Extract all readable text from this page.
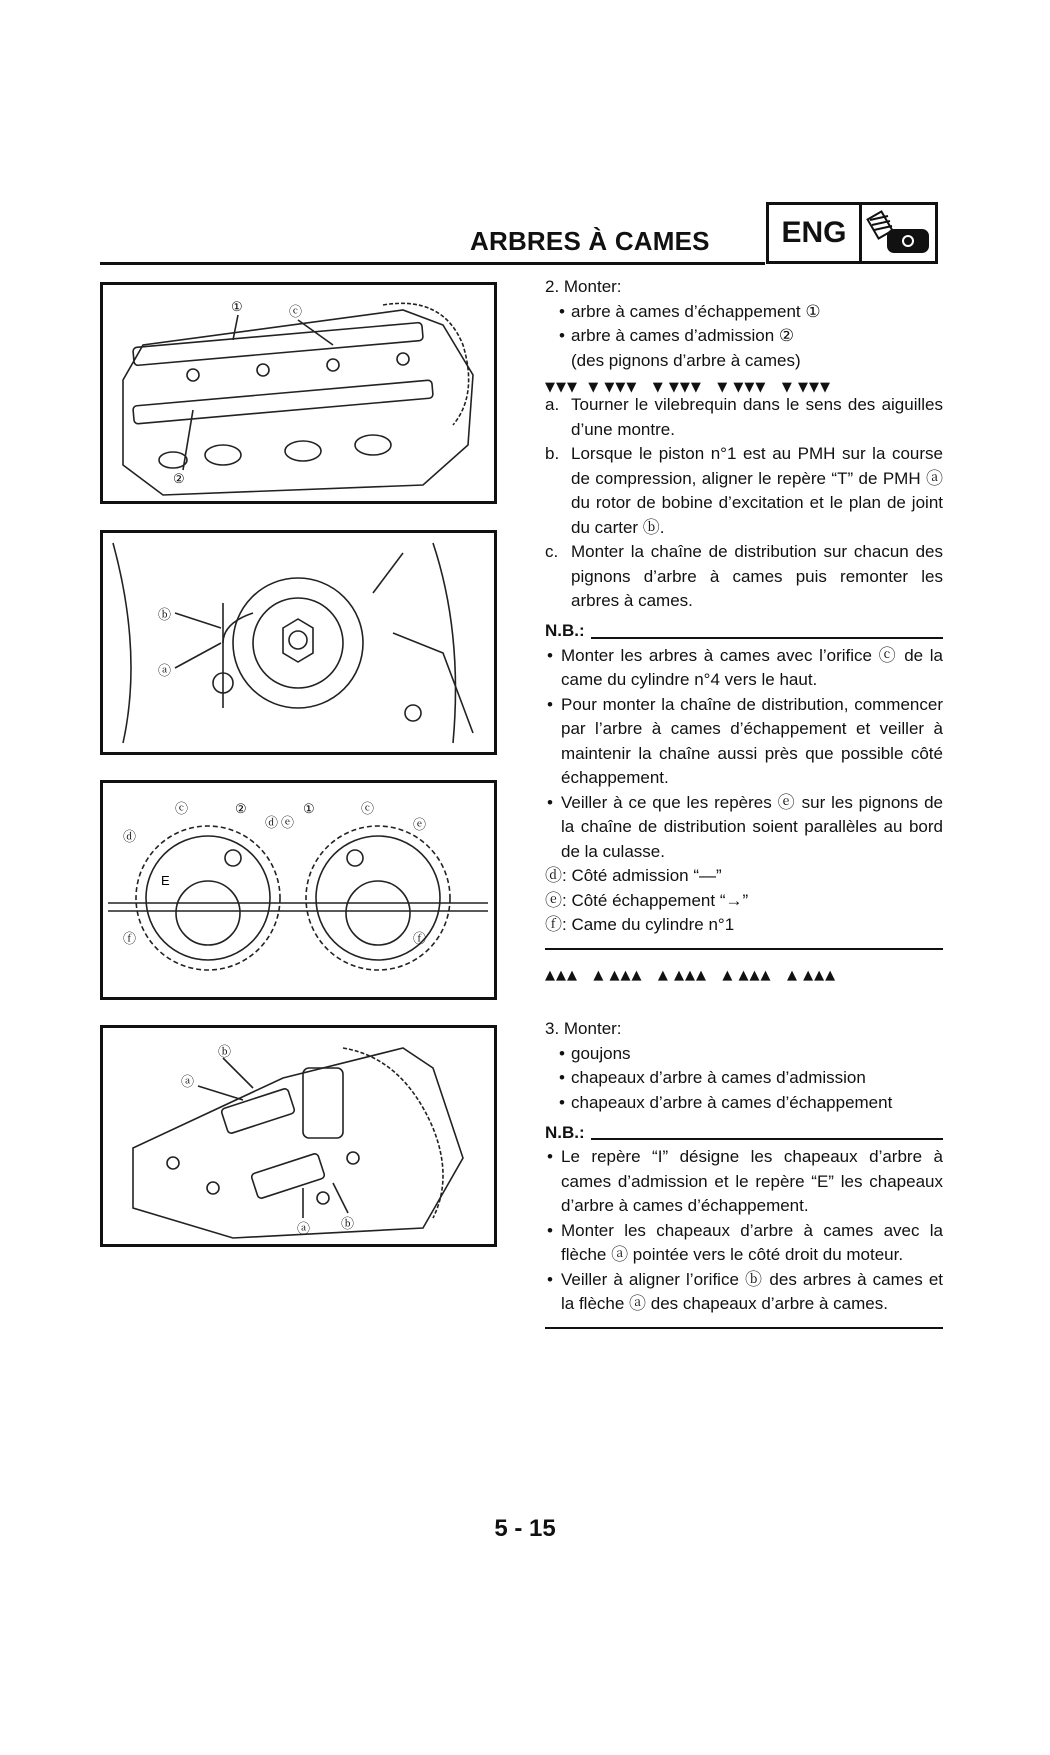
ARBRES À CAMES	ENG
①	ⓒ
②
ⓑ
ⓐ
ⓒ	②
ⓓ ⓔ
①	ⓒ
ⓔ
ⓓ
ⓕ	ⓕ
E
ⓑ
ⓐ
ⓐ ⓑ

2. Monter:

• arbre à cames d’échappement ①

• arbre à cames d’admission ②

(des pignons d’arbre à cames)

▼▼▼  ▼ ▼▼▼   ▼ ▼▼▼   ▼ ▼▼▼   ▼ ▼▼▼

a. Tourner le vilebrequin dans le sens des aiguilles d’une montre.

b. Lorsque le piston n°1 est au PMH sur la course de compression, aligner le repère “T” de PMH ⓐ du rotor de bobine d’excitation et le plan de joint du carter ⓑ.

c. Monter la chaîne de distribution sur chacun des pignons d’arbre à cames puis remonter les arbres à cames.

N.B.:

• Monter les arbres à cames avec l’orifice ⓒ de la came du cylindre n°4 vers le haut.

• Pour monter la chaîne de distribution, commencer par l’arbre à cames d’échappement et veiller à maintenir la chaîne aussi près que possible côté échappement.

• Veiller à ce que les repères ⓔ sur les pignons de la chaîne de distribution soient parallèles au bord de la culasse.

ⓓ: Côté admission “—”

ⓔ: Côté échappement “→”

ⓕ: Came du cylindre n°1

▲▲▲   ▲ ▲▲▲   ▲ ▲▲▲   ▲ ▲▲▲   ▲ ▲▲▲

3. Monter:

• goujons

• chapeaux d’arbre à cames d’admission

• chapeaux d’arbre à cames d’échappement

N.B.:

• Le repère “I” désigne les chapeaux d’arbre à cames d’admission et le repère “E” les chapeaux d’arbre à cames d’échappement.

• Monter les chapeaux d’arbre à cames avec la flèche ⓐ pointée vers le côté droit du moteur.

• Veiller à aligner l’orifice ⓑ des arbres à cames et la flèche ⓐ des chapeaux d’arbre à cames.

5 - 15
